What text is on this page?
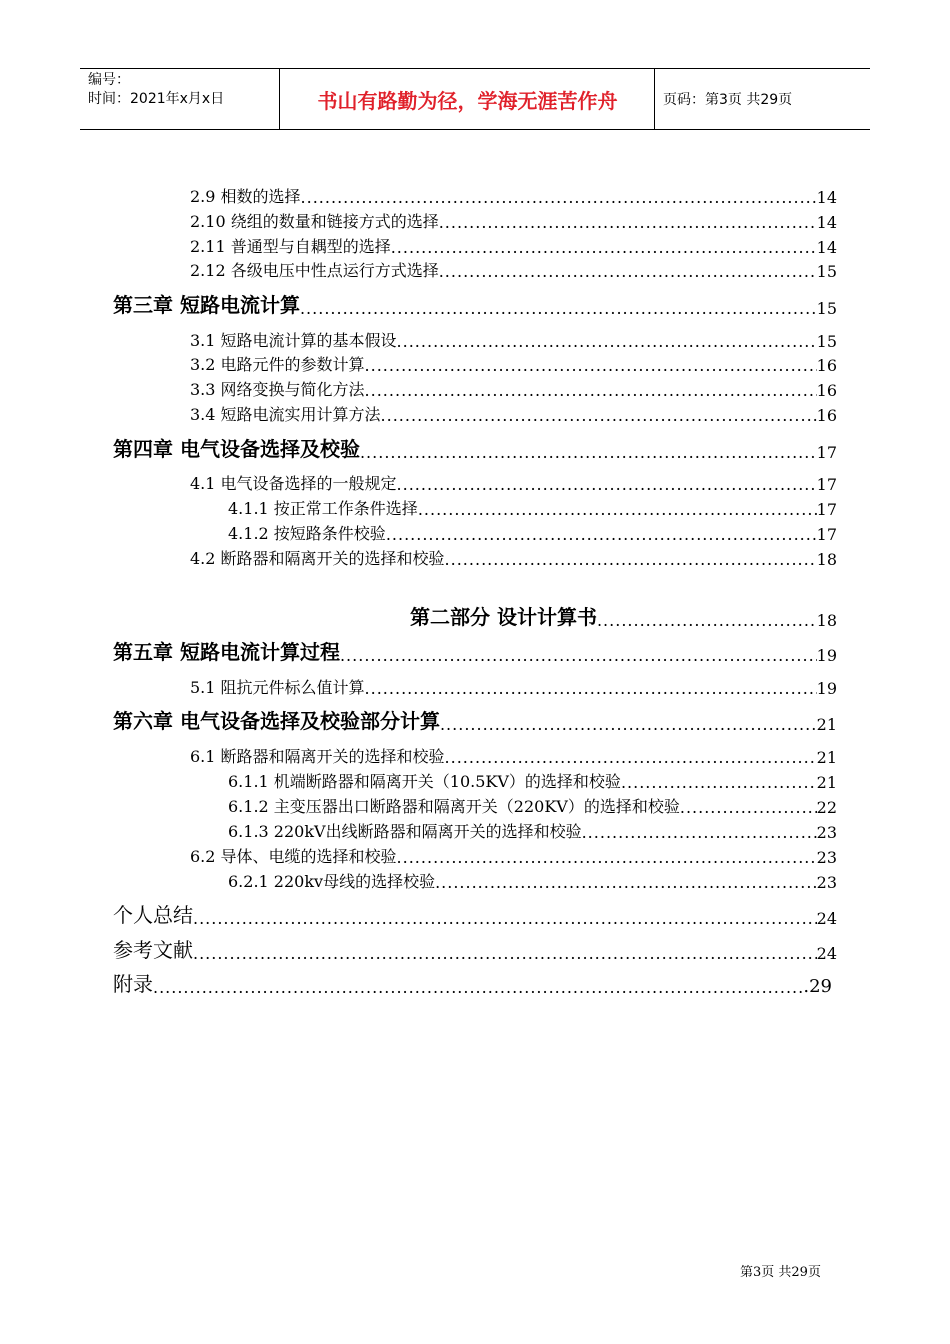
编号：
时间：2021年x月x日	书山有路勤为径，学海无涯苦作舟	页码：第3页 共29页
2.9 相数的选择 .....	14
2.10 绕组的数量和链接方式的选择 .....	14
2.11 普通型与自耦型的选择 .....	14
2.12 各级电压中性点运行方式选择 .....	15
第三章 短路电流计算 .....	15
3.1 短路电流计算的基本假设 .....	15
3.2 电路元件的参数计算 .....	16
3.3 网络变换与简化方法 .....	16
3.4 短路电流实用计算方法 .....	16
第四章 电气设备选择及校验 .....	17
4.1 电气设备选择的一般规定 .....	17
4.1.1 按正常工作条件选择 .....	17
4.1.2 按短路条件校验 .....	17
4.2 断路器和隔离开关的选择和校验 .....	18
第二部分 设计计算书 .....	18
第五章 短路电流计算过程 .....	19
5.1 阻抗元件标么值计算 .....	19
第六章 电气设备选择及校验部分计算 .....	21
6.1 断路器和隔离开关的选择和校验 .....	21
6.1.1 机端断路器和隔离开关（10.5KV）的选择和校验 .....	21
6.1.2 主变压器出口断路器和隔离开关（220KV）的选择和校验 .....	22
6.1.3 220kV出线断路器和隔离开关的选择和校验 .....	23
6.2 导体、电缆的选择和校验 .....	23
6.2.1 220kv母线的选择校验 .....	23
个人总结 .....	24
参考文献 .....	24
附录 .....	.29
第3页 共29页
